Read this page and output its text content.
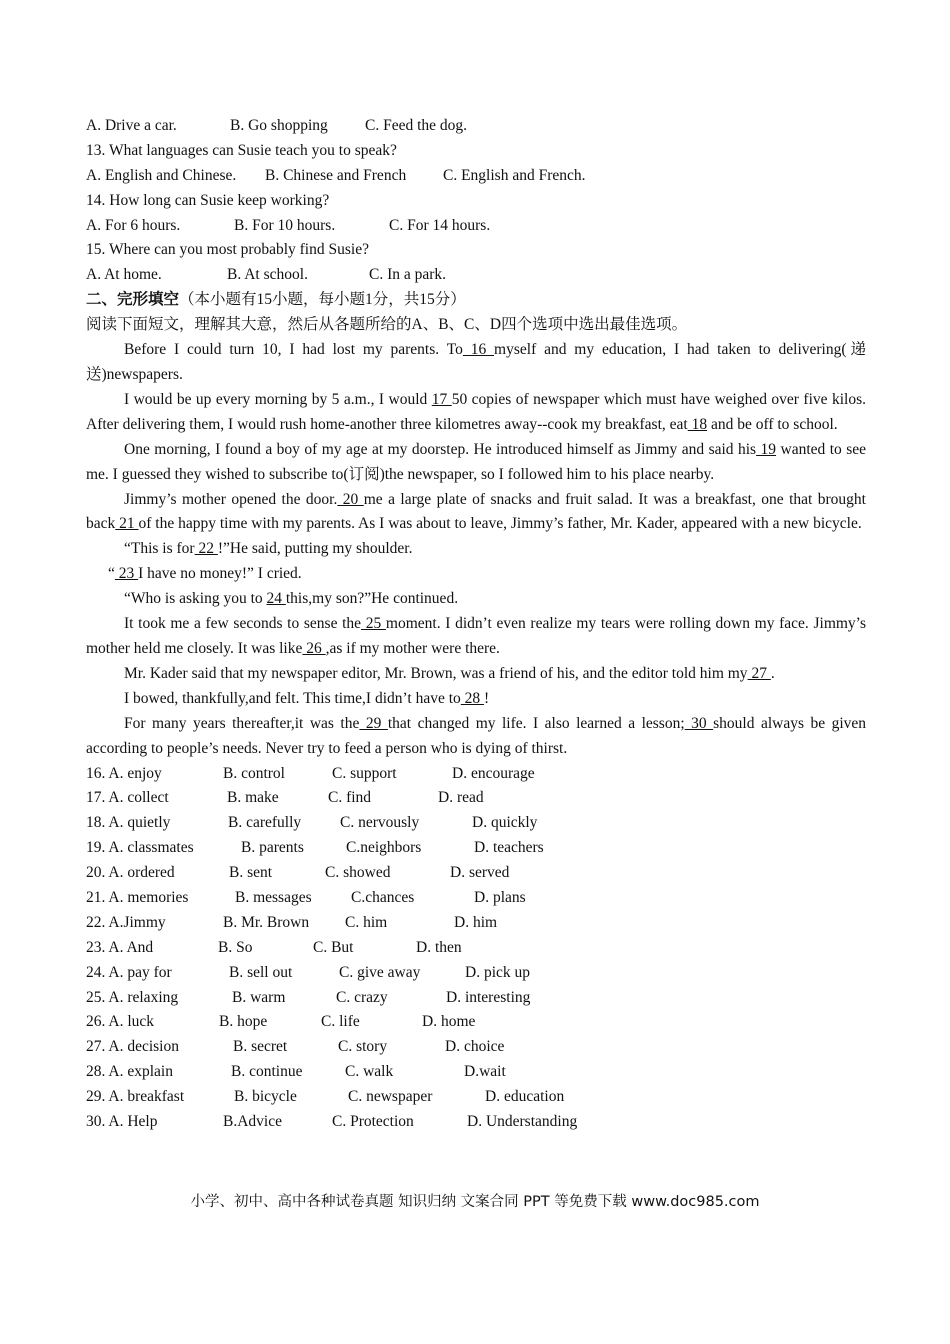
A. Drive a car.	B. Go shopping C. Feed the dog.
13. What languages can Susie teach you to speak?
A. English and Chinese. B. Chinese and French C. English and French.
14. How long can Susie keep working?
A. For 6 hours.	B. For 10 hours.	C. For 14 hours.
15. Where can you most probably find Susie?
A. At home.	B. At school.	C. In a park.
二、完形填空（本小题有15小题，每小题1分，共15分）
阅读下面短文，理解其大意，然后从各题所给的A、B、C、D四个选项中选出最佳选项。
Before I could turn 10, I had lost my parents. To 16 myself and my education, I had taken to delivering(递送)newspapers.
I would be up every morning by 5 a.m., I would 17 50 copies of newspaper which must have weighed over five kilos. After delivering them, I would rush home-another three kilometres away--cook my breakfast, eat 18 and be off to school.
One morning, I found a boy of my age at my doorstep. He introduced himself as Jimmy and said his 19 wanted to see me. I guessed they wished to subscribe to(订阅)the newspaper, so I followed him to his place nearby.
Jimmy’s mother opened the door. 20 me a large plate of snacks and fruit salad. It was a breakfast, one that brought back 21 of the happy time with my parents. As I was about to leave, Jimmy’s father, Mr. Kader, appeared with a new bicycle.
“This is for 22 !”He said, putting my shoulder.
“ 23 I have no money!” I cried.
“Who is asking you to 24 this,my son?”He continued.
It took me a few seconds to sense the 25 moment. I didn’t even realize my tears were rolling down my face. Jimmy’s mother held me closely. It was like 26 ,as if my mother were there.
Mr. Kader said that my newspaper editor, Mr. Brown, was a friend of his, and the editor told him my 27 .
I bowed, thankfully,and felt. This time,I didn’t have to 28 !
For many years thereafter,it was the 29 that changed my life. I also learned a lesson; 30 should always be given according to people’s needs. Never try to feed a person who is dying of thirst.
16. A. enjoy	B. control	C. support	D. encourage
17. A. collect	B. make	C. find	D. read
18. A. quietly	B. carefully	C. nervously	D. quickly
19. A. classmates	B. parents	C.neighbors	D. teachers
20. A. ordered	B. sent	C. showed	D. served
21. A. memories	B. messages	C.chances	D. plans
22. A.Jimmy	B. Mr. Brown C. him	D. him
23. A. And	B. So	C. But	D. then
24. A. pay for	B. sell out	C. give away	D. pick up
25. A. relaxing	B. warm	C. crazy	D. interesting
26. A. luck	B. hope	C. life	D. home
27. A. decision	B. secret	C. story	D. choice
28. A. explain	B. continue	C. walk	D.wait
29. A. breakfast	B. bicycle	C. newspaper	D. education
30. A. Help	B.Advice	C. Protection	D. Understanding
小学、初中、高中各种试卷真题 知识归纳 文案合同 PPT 等免费下载 www.doc985.com
